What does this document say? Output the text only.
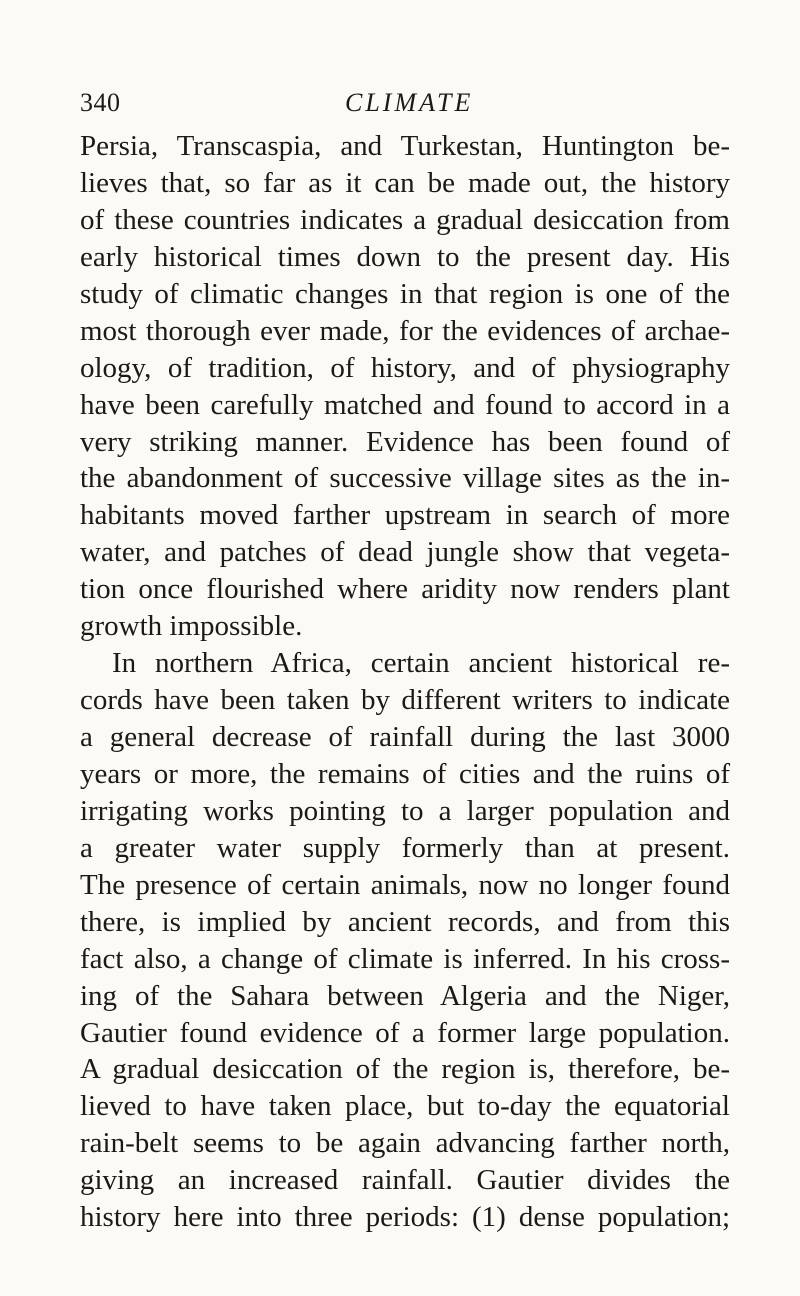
340	CLIMATE
Persia, Transcaspia, and Turkestan, Huntington be-
lieves that, so far as it can be made out, the history
of these countries indicates a gradual desiccation from
early historical times down to the present day. His
study of climatic changes in that region is one of the
most thorough ever made, for the evidences of archae-
ology, of tradition, of history, and of physiography
have been carefully matched and found to accord in a
very striking manner. Evidence has been found of
the abandonment of successive village sites as the in-
habitants moved farther upstream in search of more
water, and patches of dead jungle show that vegeta-
tion once flourished where aridity now renders plant
growth impossible.
In northern Africa, certain ancient historical re-
cords have been taken by different writers to indicate
a general decrease of rainfall during the last 3000
years or more, the remains of cities and the ruins of
irrigating works pointing to a larger population and
a greater water supply formerly than at present.
The presence of certain animals, now no longer found
there, is implied by ancient records, and from this
fact also, a change of climate is inferred. In his cross-
ing of the Sahara between Algeria and the Niger,
Gautier found evidence of a former large population.
A gradual desiccation of the region is, therefore, be-
lieved to have taken place, but to-day the equatorial
rain-belt seems to be again advancing farther north,
giving an increased rainfall. Gautier divides the
history here into three periods: (1) dense population;
